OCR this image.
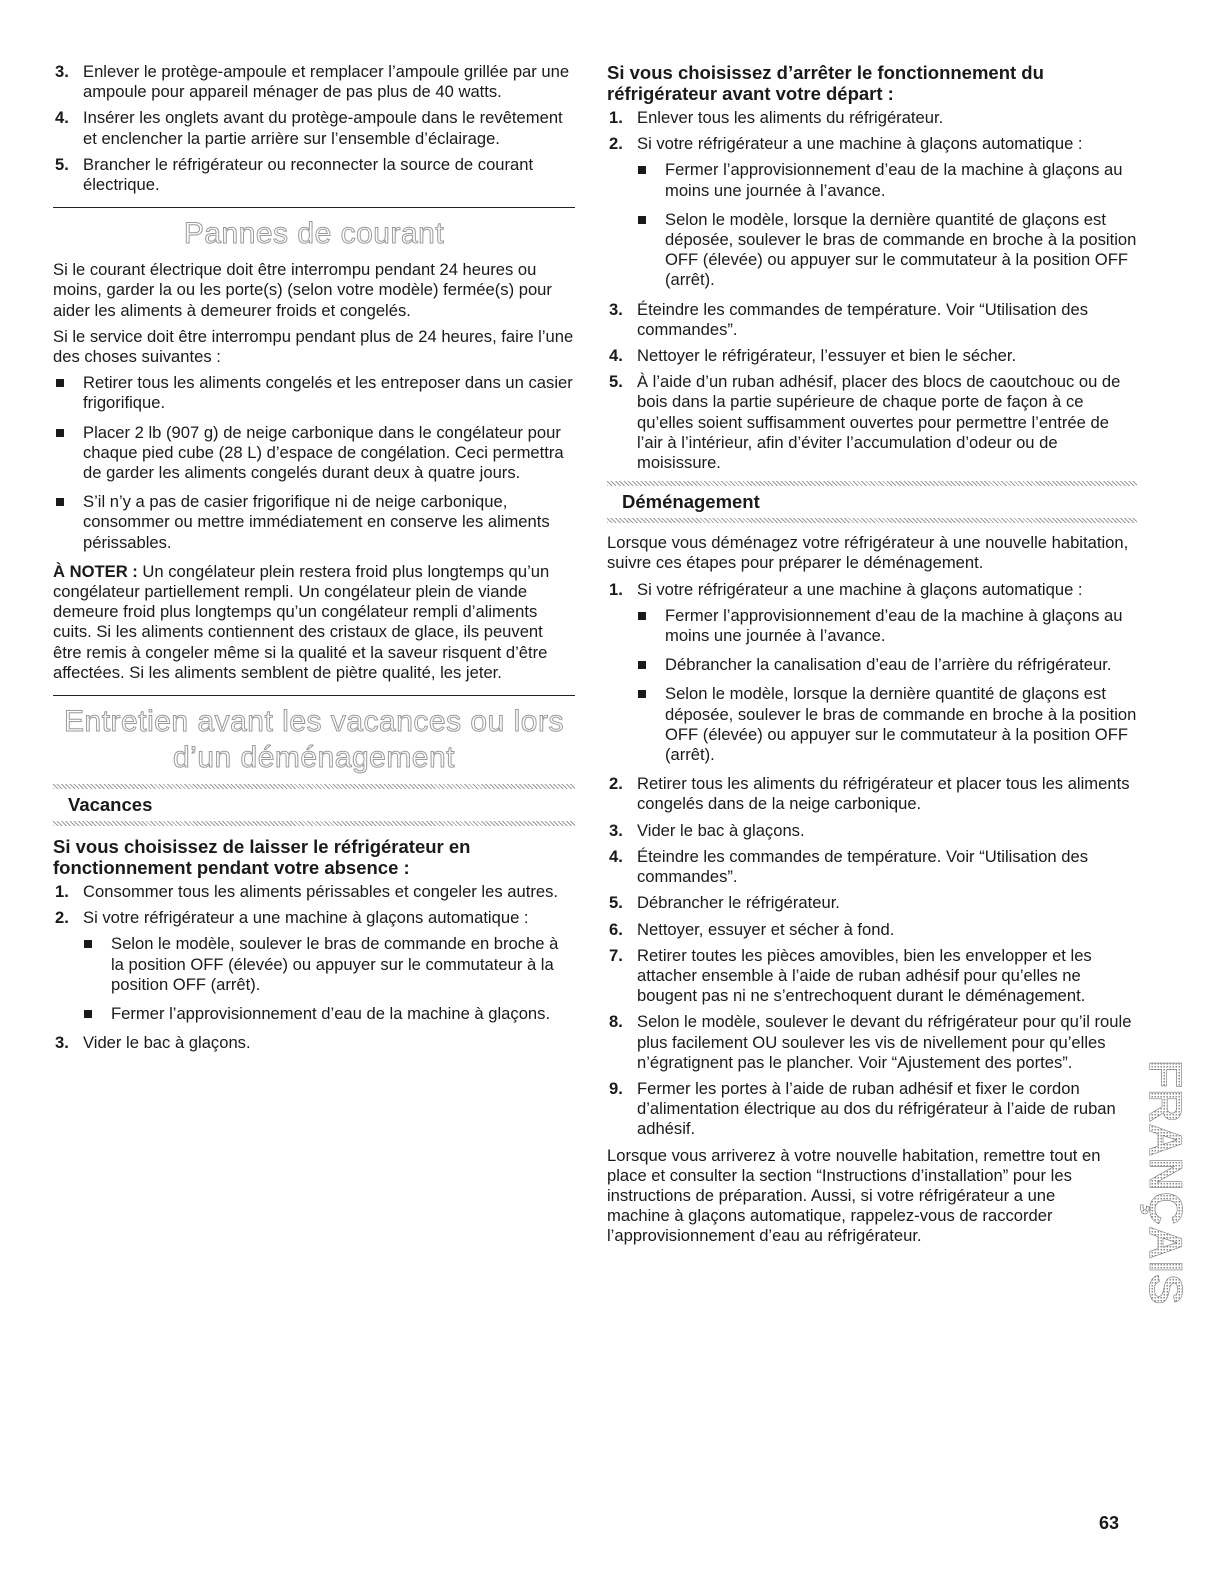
3. Enlever le protège-ampoule et remplacer l’ampoule grillée par une ampoule pour appareil ménager de pas plus de 40 watts.
4. Insérer les onglets avant du protège-ampoule dans le revêtement et enclencher la partie arrière sur l’ensemble d’éclairage.
5. Brancher le réfrigérateur ou reconnecter la source de courant électrique.
Pannes de courant

Si le courant électrique doit être interrompu pendant 24 heures ou moins, garder la ou les porte(s) (selon votre modèle) fermée(s) pour aider les aliments à demeurer froids et congelés.

Si le service doit être interrompu pendant plus de 24 heures, faire l’une des choses suivantes :

Retirer tous les aliments congelés et les entreposer dans un casier frigorifique.
Placer 2 lb (907 g) de neige carbonique dans le congélateur pour chaque pied cube (28 L) d’espace de congélation. Ceci permettra de garder les aliments congelés durant deux à quatre jours.
S’il n’y a pas de casier frigorifique ni de neige carbonique, consommer ou mettre immédiatement en conserve les aliments périssables.

À NOTER : Un congélateur plein restera froid plus longtemps qu’un congélateur partiellement rempli. Un congélateur plein de viande demeure froid plus longtemps qu’un congélateur rempli d’aliments cuits. Si les aliments contiennent des cristaux de glace, ils peuvent être remis à congeler même si la qualité et la saveur risquent d’être affectées. Si les aliments semblent de piètre qualité, les jeter.

Entretien avant les vacances ou lors
d’un déménagement
Vacances

Si vous choisissez de laisser le réfrigérateur en fonctionnement pendant votre absence :

1. Consommer tous les aliments périssables et congeler les autres.
2. Si votre réfrigérateur a une machine à glaçons automatique :
Selon le modèle, soulever le bras de commande en broche à la position OFF (élevée) ou appuyer sur le commutateur à la position OFF (arrêt).
Fermer l’approvisionnement d’eau de la machine à glaçons.
3. Vider le bac à glaçons.

Si vous choisissez d’arrêter le fonctionnement du réfrigérateur avant votre départ :

1. Enlever tous les aliments du réfrigérateur.
2. Si votre réfrigérateur a une machine à glaçons automatique :
Fermer l’approvisionnement d’eau de la machine à glaçons au moins une journée à l’avance.
Selon le modèle, lorsque la dernière quantité de glaçons est déposée, soulever le bras de commande en broche à la position OFF (élevée) ou appuyer sur le commutateur à la position OFF (arrêt).
3. Éteindre les commandes de température. Voir “Utilisation des commandes”.
4. Nettoyer le réfrigérateur, l’essuyer et bien le sécher.
5. À l’aide d’un ruban adhésif, placer des blocs de caoutchouc ou de bois dans la partie supérieure de chaque porte de façon à ce qu’elles soient suffisamment ouvertes pour permettre l’entrée de l’air à l’intérieur, afin d’éviter l’accumulation d’odeur ou de moisissure.
Déménagement

Lorsque vous déménagez votre réfrigérateur à une nouvelle habitation, suivre ces étapes pour préparer le déménagement.

1. Si votre réfrigérateur a une machine à glaçons automatique :
Fermer l’approvisionnement d’eau de la machine à glaçons au moins une journée à l’avance.
Débrancher la canalisation d’eau de l’arrière du réfrigérateur.
Selon le modèle, lorsque la dernière quantité de glaçons est déposée, soulever le bras de commande en broche à la position OFF (élevée) ou appuyer sur le commutateur à la position OFF (arrêt).
2. Retirer tous les aliments du réfrigérateur et placer tous les aliments congelés dans de la neige carbonique.
3. Vider le bac à glaçons.
4. Éteindre les commandes de température. Voir “Utilisation des commandes”.
5. Débrancher le réfrigérateur.
6. Nettoyer, essuyer et sécher à fond.
7. Retirer toutes les pièces amovibles, bien les envelopper et les attacher ensemble à l’aide de ruban adhésif pour qu’elles ne bougent pas ni ne s’entrechoquent durant le déménagement.
8. Selon le modèle, soulever le devant du réfrigérateur pour qu’il roule plus facilement OU soulever les vis de nivellement pour qu’elles n’égratignent pas le plancher. Voir “Ajustement des portes”.
9. Fermer les portes à l’aide de ruban adhésif et fixer le cordon d’alimentation électrique au dos du réfrigérateur à l’aide de ruban adhésif.

Lorsque vous arriverez à votre nouvelle habitation, remettre tout en place et consulter la section “Instructions d’installation” pour les instructions de préparation. Aussi, si votre réfrigérateur a une machine à glaçons automatique, rappelez-vous de raccorder l’approvisionnement d’eau au réfrigérateur.	FRANÇAIS
63
